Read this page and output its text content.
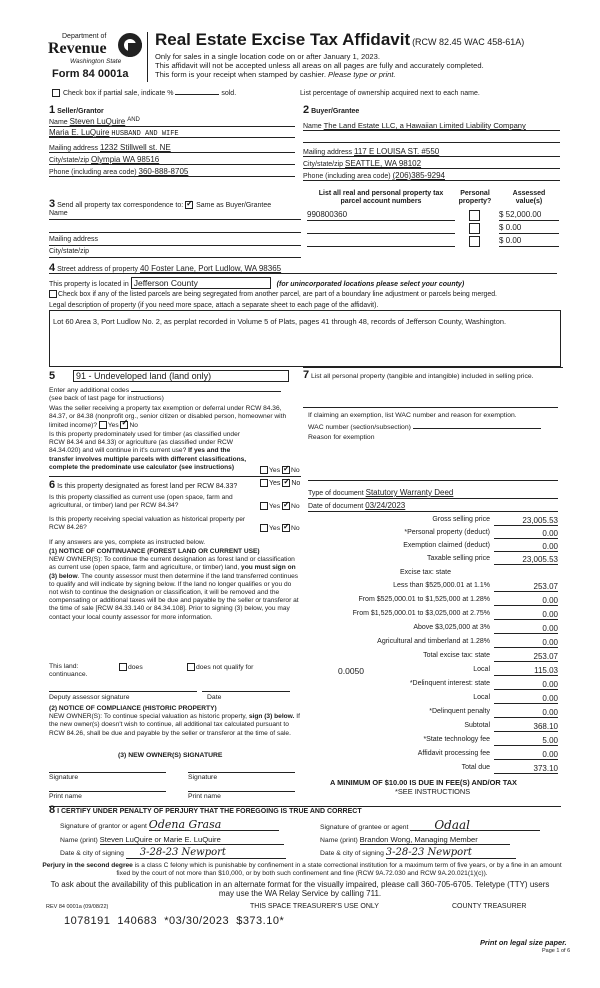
Department of
Revenue
Washington State
Form 84 0001a
Real Estate Excise Tax Affidavit (RCW 82.45 WAC 458-61A)
Only for sales in a single location code on or after January 1, 2023.
This affidavit will not be accepted unless all areas on all pages are fully and accurately completed.
This form is your receipt when stamped by cashier. Please type or print.
Check box if partial sale, indicate %	sold.	List percentage of ownership acquired next to each name.
1 Seller/Grantor
Name Steven LuQuire AND
Maria E. LuQuire HUSBAND AND WIFE
Mailing address 1232 Stillwell st. NE
City/state/zip Olympia WA 98516
Phone (including area code) 360-888-8705
2 Buyer/Grantee
Name The Land Estate LLC, a Hawaiian Limited Liability Company
Mailing address 117 E LOUISA ST. #550
City/state/zip SEATTLE, WA 98102
Phone (including area code) (206)385-9294
3 Send all property tax correspondence to: ✓ Same as Buyer/Grantee
Name
Mailing address
City/state/zip
List all real and personal property tax parcel account numbers
Personal property?
Assessed value(s)
990800360	$ 52,000.00
$ 0.00
$ 0.00
4 Street address of property 40 Foster Lane, Port Ludlow, WA 98365
This property is located in Jefferson County	(for unincorporated locations please select your county)
Check box if any of the listed parcels are being segregated from another parcel, are part of a boundary line adjustment or parcels being merged.
Legal description of property (if you need more space, attach a separate sheet to each page of the affidavit).
Lot 60 Area 3, Port Ludlow No. 2, as perplat recorded in Volume 5 of Plats, pages 41 through 48, records of Jefferson County, Washington.
5	91 - Undeveloped land (land only)
Enter any additional codes
(see back of last page for instructions)
Was the seller receiving a property tax exemption or deferral under RCW 84.36, 84.37, or 84.38 (nonprofit org., senior citizen or disabled person, homeowner with limited income)? Yes ✓ No
Is this property predominately used for timber (as classified under RCW 84.34 and 84.33) or agriculture (as classified under RCW 84.34.020) and will continue in it's current use? If yes and the transfer involves multiple parcels with different classifications, complete the predominate use calculator (see instructions)	Yes ✓ No
6 Is this property designated as forest land per RCW 84.33?	Yes ✓ No
Is this property classified as current use (open space, farm and agricultural, or timber) land per RCW 84.34?	Yes ✓ No
Is this property receiving special valuation as historical property per RCW 84.26?	Yes ✓ No
If any answers are yes, complete as instructed below.
(1) NOTICE OF CONTINUANCE (FOREST LAND OR CURRENT USE)
NEW OWNER(S): To continue the current designation as forest land or classification as current use (open space, farm and agriculture, or timber) land, you must sign on (3) below. The county assessor must then determine if the land transferred continues to qualify and will indicate by signing below. If the land no longer qualifies or you do not wish to continue the designation or classification, it will be removed and the compensating or additional taxes will be due and payable by the seller or transferor at the time of sale [RCW 84.33.140 or 84.34.108]. Prior to signing (3) below, you may contact your local county assessor for more information.
This land:	does	does not qualify for
continuance.
Deputy assessor signature	Date
(2) NOTICE OF COMPLIANCE (HISTORIC PROPERTY)
NEW OWNER(S): To continue special valuation as historic property, sign (3) below. If the new owner(s) doesn't wish to continue, all additional tax calculated pursuant to RCW 84.26, shall be due and payable by the seller or transferor at the time of sale.
(3) NEW OWNER(S) SIGNATURE
Signature	Signature
Print name	Print name
7 List all personal property (tangible and intangible) included in selling price.
If claiming an exemption, list WAC number and reason for exemption.
WAC number (section/subsection)
Reason for exemption
Type of document Statutory Warranty Deed
Date of document 03/24/2023
Gross selling price	23,005.53
*Personal property (deduct)	0.00
Exemption claimed (deduct)	0.00
Taxable selling price	23,005.53
Excise tax: state
Less than $525,000.01 at 1.1%	253.07
From $525,000.01 to $1,525,000 at 1.28%	0.00
From $1,525,000.01 to $3,025,000 at 2.75%	0.00
Above $3,025,000 at 3%	0.00
Agricultural and timberland at 1.28%	0.00
Total excise tax: state	253.07
0.0050	Local	115.03
*Delinquent interest: state	0.00
Local	0.00
*Delinquent penalty	0.00
Subtotal	368.10
*State technology fee	5.00
Affidavit processing fee	0.00
Total due	373.10
A MINIMUM OF $10.00 IS DUE IN FEE(S) AND/OR TAX
*SEE INSTRUCTIONS
8 I CERTIFY UNDER PENALTY OF PERJURY THAT THE FOREGOING IS TRUE AND CORRECT
Signature of grantor or agent Odena Grasa
Name (print) Steven LuQuire or Marie E. LuQuire
Date & city of signing 3-28-23 Newport
Signature of grantee or agent Odaal
Name (print) Brandon Wong, Managing Member
Date & city of signing 3-28-23 Newport
Perjury in the second degree is a class C felony which is punishable by confinement in a state correctional institution for a maximum term of five years, or by a fine in an amount fixed by the court of not more than $10,000, or by both such confinement and fine (RCW 9A.72.030 and RCW 9A.20.021(1)(c)).
To ask about the availability of this publication in an alternate format for the visually impaired, please call 360-705-6705. Teletype (TTY) users may use the WA Relay Service by calling 711.
REV 84 0001a (09/08/22)	THIS SPACE TREASURER'S USE ONLY	COUNTY TREASURER
1078191  140683  *03/30/2023  $373.10*
Print on legal size paper.
Page 1 of 6
